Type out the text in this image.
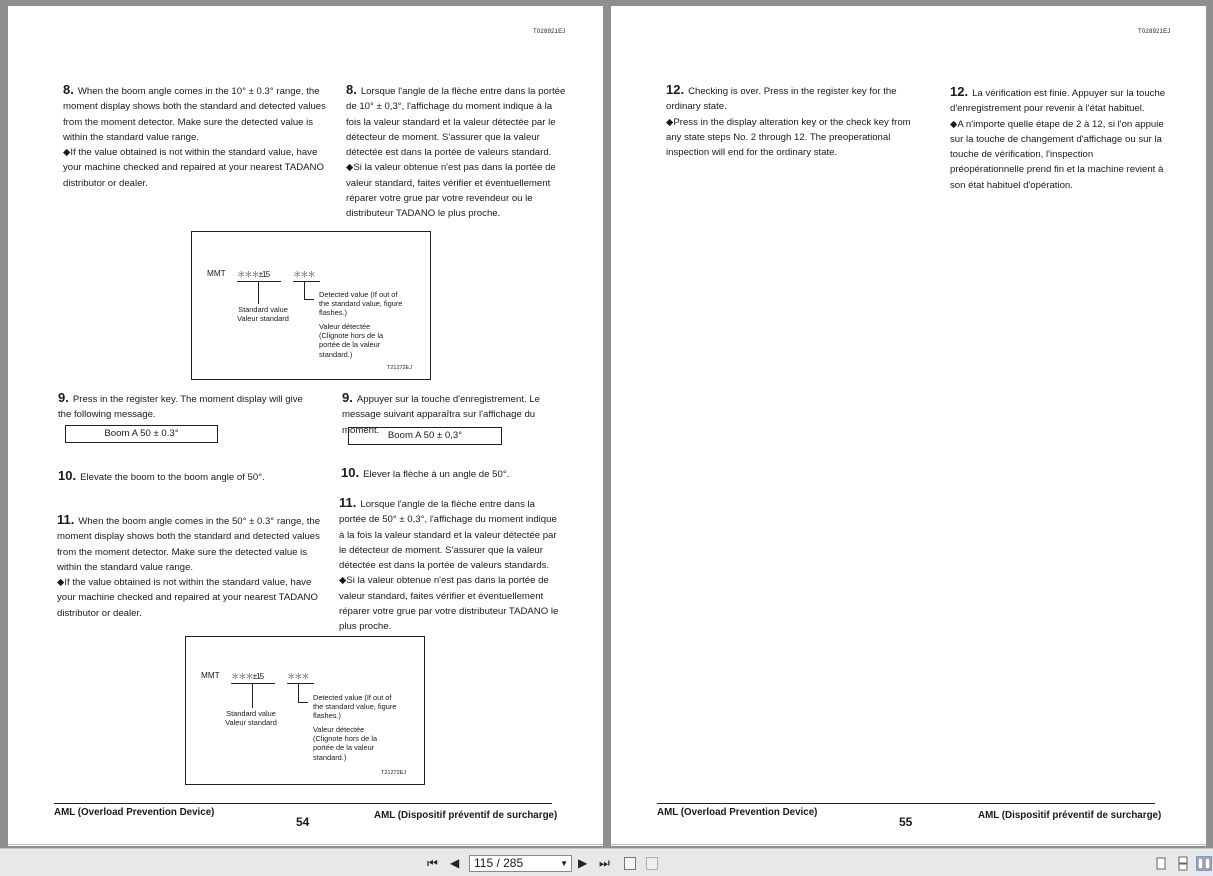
T028921EJ
8. When the boom angle comes in the 10° ± 0.3° range, the moment display shows both the standard and detected values from the moment detector. Make sure the detected value is within the standard value range.
◆If the value obtained is not within the standard value, have your machine checked and repaired at your nearest TADANO distributor or dealer.
8. Lorsque l'angle de la flèche entre dans la portée de 10° ± 0,3°, l'affichage du moment indique à la fois la valeur standard et la valeur détectée par le détecteur de moment. S'assurer que la valeur détectée est dans la portée de valeurs standard.
◆Si la valeur obtenue n'est pas dans la portée de valeur standard, faites vérifier et éventuellement réparer votre grue par votre revendeur ou le distributeur TADANO le plus proche.
MMT ＊＊＊±15	＊＊＊
Standard value
Valeur standard
Detected value (If out of the standard value, figure flashes.)
Valeur détectée (Clignote hors de la portée de la valeur standard.)
T21272EJ
9. Press in the register key. The moment display will give the following message.
Boom A 50 ± 0.3°
9. Appuyer sur la touche d'enregistrement. Le message suivant apparaîtra sur l'affichage du moment. Boom A 50 ± 0,3°
10. Elevate the boom to the boom angle of 50°.	10. Elever la flèche à un angle de 50°.
11. When the boom angle comes in the 50° ± 0.3° range, the moment display shows both the standard and detected values from the moment detector. Make sure the detected value is within the standard value range.
◆If the value obtained is not within the standard value, have your machine checked and repaired at your nearest TADANO distributor or dealer.
11. Lorsque l'angle de la flèche entre dans la portée de 50° ± 0,3°, l'affichage du moment indique à la fois la valeur standard et la valeur détectée par le détecteur de moment. S'assurer que la valeur détectée est dans la portée de valeurs standards.
◆Si la valeur obtenue n'est pas dans la portée de valeur standard, faites vérifier et éventuellement réparer votre grue par votre distributeur TADANO le plus proche.
MMT ＊＊＊±15	＊＊＊
Standard value
Valeur standard
Detected value (If out of the standard value, figure flashes.)
Valeur détectée (Clignote hors de la portée de la valeur standard.)
T21272EJ
AML (Overload Prevention Device)
54	AML (Dispositif préventif de surcharge)
T028921EJ
12. Checking is over. Press in the register key for the ordinary state.
◆Press in the display alteration key or the check key from any state steps No. 2 through 12. The preoperational inspection will end for the ordinary state.
12. La vérification est finie. Appuyer sur la touche d'enregistrement pour revenir à l'état habituel.
◆A n'importe quelle étape de 2 à 12, si l'on appuie sur la touche de changement d'affichage ou sur la touche de vérification, l'inspection préopérationnelle prend fin et la machine revient à son état habituel d'opération.
AML (Overload Prevention Device)
55	AML (Dispositif préventif de surcharge)
⏮ ◀	115 / 285	▼ ▶ ⏭
